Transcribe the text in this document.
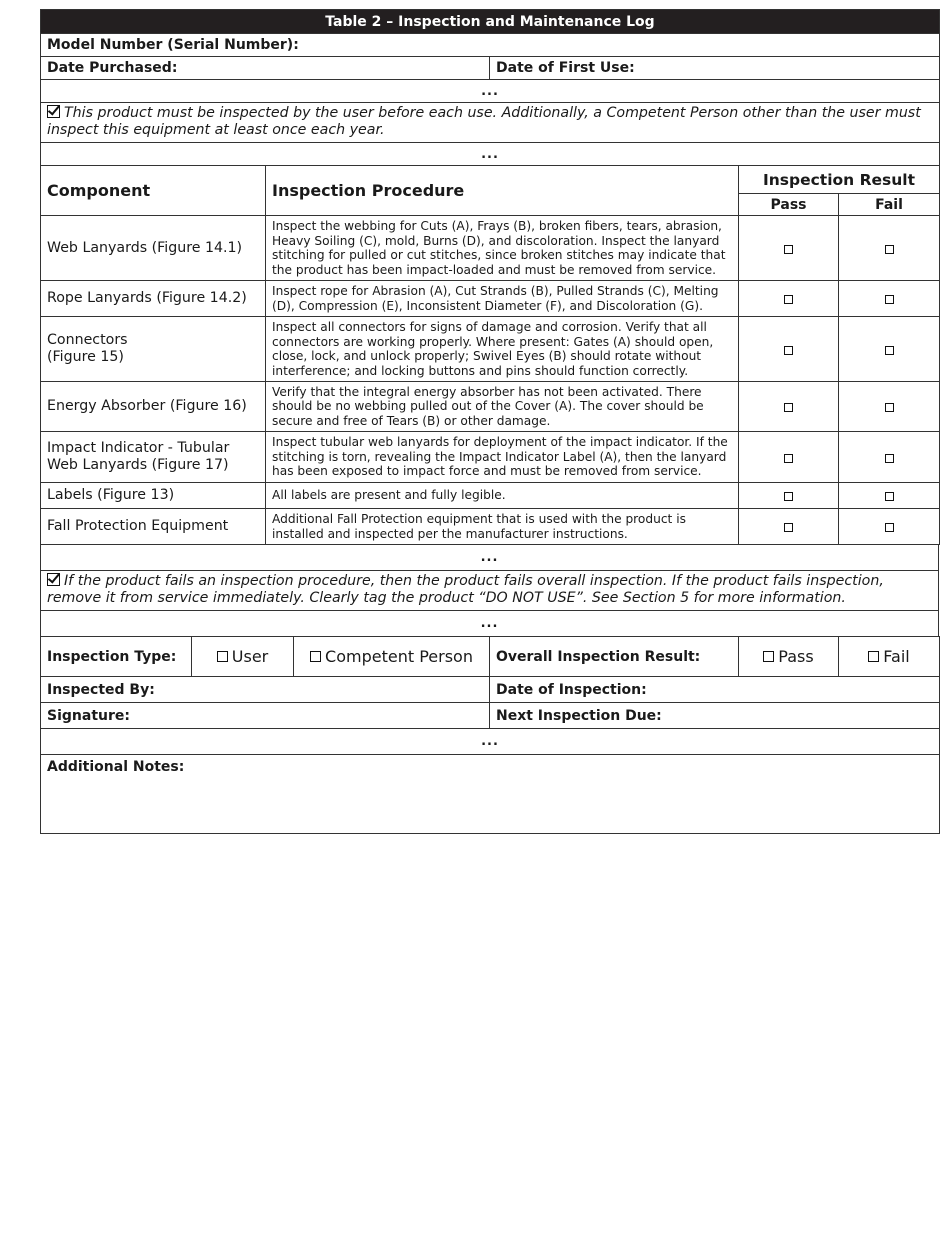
Table 2 – Inspection and Maintenance Log
Model Number (Serial Number):
Date Purchased:	Date of First Use:
...
This product must be inspected by the user before each use. Additionally, a Competent Person other than the user must inspect this equipment at least once each year.
...
Component	Inspection Procedure	Inspection Result	
		Pass	Fail
Web Lanyards (Figure 14.1)	Inspect the webbing for Cuts (A), Frays (B), broken fibers, tears, abrasion, Heavy Soiling (C), mold, Burns (D), and discoloration. Inspect the lanyard stitching for pulled or cut stitches, since broken stitches may indicate that the product has been impact-loaded and must be removed from service.		
Rope Lanyards (Figure 14.2)	Inspect rope for Abrasion (A), Cut Strands (B), Pulled Strands (C), Melting (D), Compression (E), Inconsistent Diameter (F), and Discoloration (G).		
Connectors
(Figure 15)	Inspect all connectors for signs of damage and corrosion. Verify that all connectors are working properly. Where present: Gates (A) should open, close, lock, and unlock properly; Swivel Eyes (B) should rotate without interference; and locking buttons and pins should function correctly.		
Energy Absorber (Figure 16)	Verify that the integral energy absorber has not been activated. There should be no webbing pulled out of the Cover (A). The cover should be secure and free of Tears (B) or other damage.		
Impact Indicator - Tubular Web Lanyards (Figure 17)	Inspect tubular web lanyards for deployment of the impact indicator. If the stitching is torn, revealing the Impact Indicator Label (A), then the lanyard has been exposed to impact force and must be removed from service.		
Labels (Figure 13)	All labels are present and fully legible.		
Fall Protection Equipment	Additional Fall Protection equipment that is used with the product is installed and inspected per the manufacturer instructions.		
...
If the product fails an inspection procedure, then the product fails overall inspection. If the product fails inspection, remove it from service immediately. Clearly tag the product “DO NOT USE”. See Section 5 for more information.
...
Inspection Type:	User	Competent Person	Overall Inspection Result:	Pass	Fail
Inspected By:	Date of Inspection:
Signature:	Next Inspection Due:
...	
Additional Notes:	
